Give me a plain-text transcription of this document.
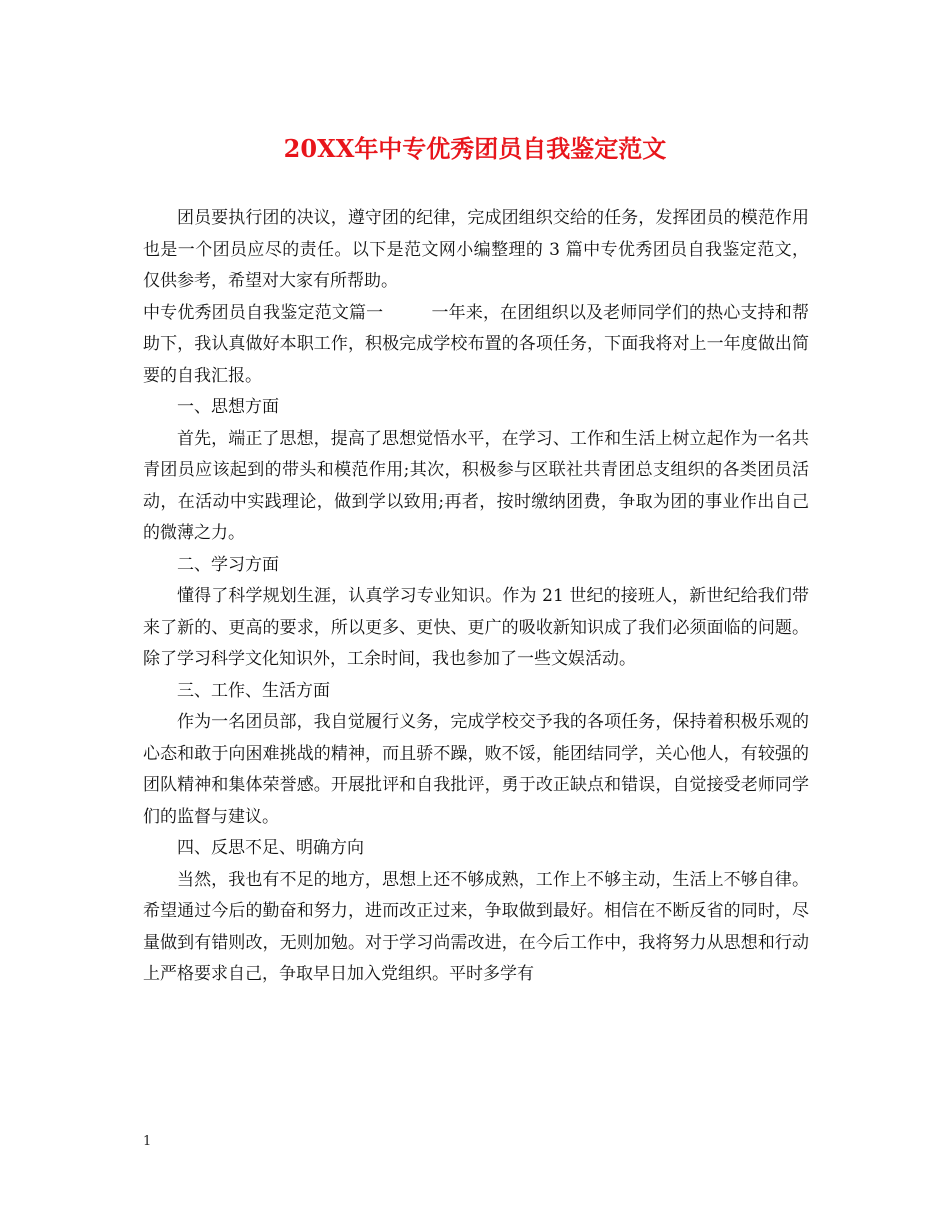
20XX年中专优秀团员自我鉴定范文

团员要执行团的决议，遵守团的纪律，完成团组织交给的任务，发挥团员的模范作用也是一个团员应尽的责任。以下是范文网小编整理的 3 篇中专优秀团员自我鉴定范文，仅供参考，希望对大家有所帮助。

中专优秀团员自我鉴定范文篇一	一年来，在团组织以及老师同学们的热心支持和帮助下，我认真做好本职工作，积极完成学校布置的各项任务，下面我将对上一年度做出简要的自我汇报。

一、思想方面

首先，端正了思想，提高了思想觉悟水平，在学习、工作和生活上树立起作为一名共青团员应该起到的带头和模范作用;其次，积极参与区联社共青团总支组织的各类团员活动，在活动中实践理论，做到学以致用;再者，按时缴纳团费，争取为团的事业作出自己的微薄之力。

二、学习方面

懂得了科学规划生涯，认真学习专业知识。作为 21 世纪的接班人，新世纪给我们带来了新的、更高的要求，所以更多、更快、更广的吸收新知识成了我们必须面临的问题。除了学习科学文化知识外，工余时间，我也参加了一些文娱活动。

三、工作、生活方面

作为一名团员部，我自觉履行义务，完成学校交予我的各项任务，保持着积极乐观的心态和敢于向困难挑战的精神，而且骄不躁，败不馁，能团结同学，关心他人，有较强的团队精神和集体荣誉感。开展批评和自我批评，勇于改正缺点和错误，自觉接受老师同学们的监督与建议。

四、反思不足、明确方向

当然，我也有不足的地方，思想上还不够成熟，工作上不够主动，生活上不够自律。希望通过今后的勤奋和努力，进而改正过来，争取做到最好。相信在不断反省的同时，尽量做到有错则改，无则加勉。对于学习尚需改进，在今后工作中，我将努力从思想和行动上严格要求自己，争取早日加入党组织。平时多学有

1
